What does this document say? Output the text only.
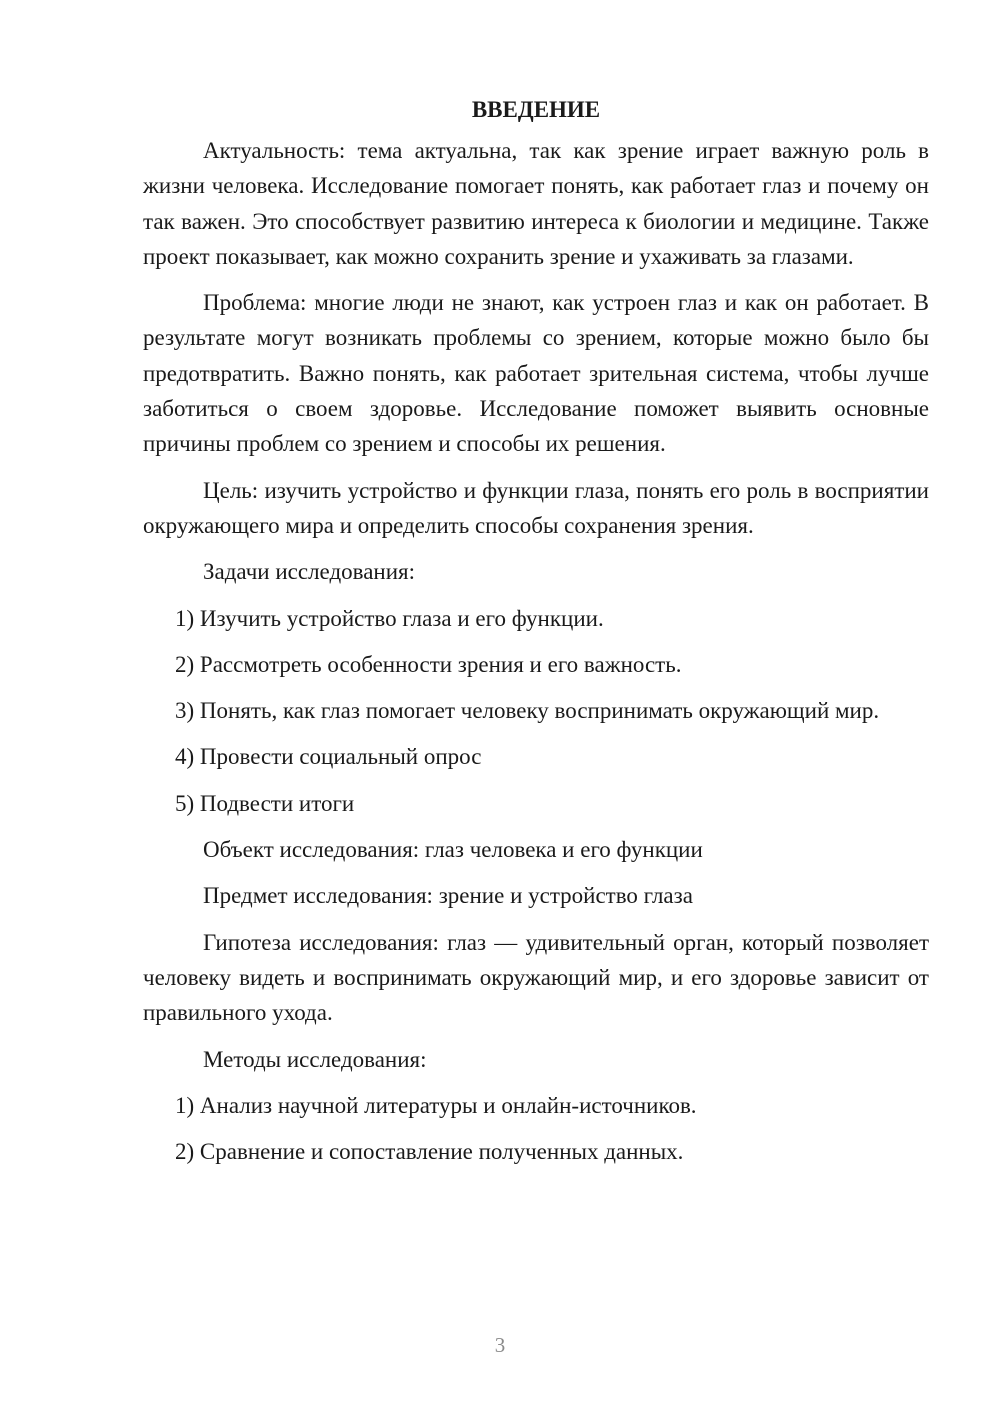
ВВЕДЕНИЕ

Актуальность: тема актуальна, так как зрение играет важную роль в жизни человека. Исследование помогает понять, как работает глаз и почему он так важен. Это способствует развитию интереса к биологии и медицине. Также проект показывает, как можно сохранить зрение и ухаживать за глазами.

Проблема: многие люди не знают, как устроен глаз и как он работает. В результате могут возникать проблемы со зрением, которые можно было бы предотвратить. Важно понять, как работает зрительная система, чтобы лучше заботиться о своем здоровье. Исследование поможет выявить основные причины проблем со зрением и способы их решения.

Цель: изучить устройство и функции глаза, понять его роль в восприятии окружающего мира и определить способы сохранения зрения.

Задачи исследования:
1) Изучить устройство глаза и его функции.
2) Рассмотреть особенности зрения и его важность.
3) Понять, как глаз помогает человеку воспринимать окружающий мир.
4) Провести социальный опрос
5) Подвести итоги
Объект исследования: глаз человека и его функции
Предмет исследования: зрение и устройство глаза

Гипотеза исследования: глаз — удивительный орган, который позволяет человеку видеть и воспринимать окружающий мир, и его здоровье зависит от правильного ухода.

Методы исследования:
1) Анализ научной литературы и онлайн-источников.
2) Сравнение и сопоставление полученных данных.
3
